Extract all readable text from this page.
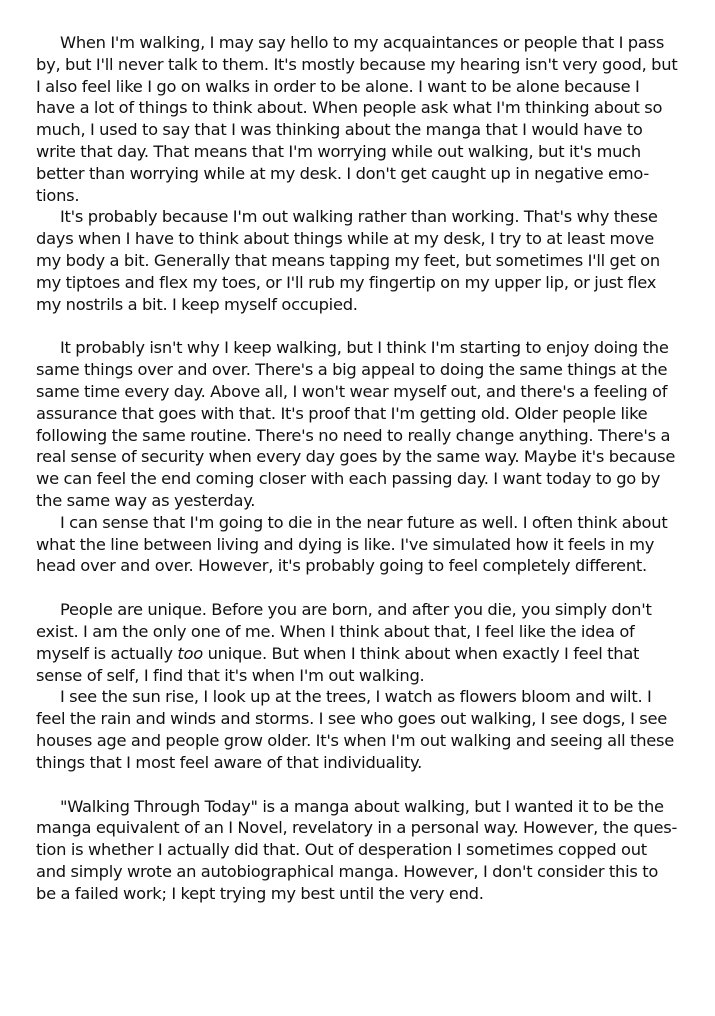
When I'm walking, I may say hello to my acquaintances or people that I pass by, but I'll never talk to them. It's mostly because my hearing isn't very good, but I also feel like I go on walks in order to be alone. I want to be alone because I have a lot of things to think about. When people ask what I'm thinking about so much, I used to say that I was thinking about the manga that I would have to write that day. That means that I'm worrying while out walking, but it's much better than worrying while at my desk. I don't get caught up in negative emo- tions.

It's probably because I'm out walking rather than working. That's why these days when I have to think about things while at my desk, I try to at least move my body a bit. Generally that means tapping my feet, but sometimes I'll get on my tiptoes and flex my toes, or I'll rub my fingertip on my upper lip, or just flex my nostrils a bit. I keep myself occupied.

It probably isn't why I keep walking, but I think I'm starting to enjoy doing the same things over and over. There's a big appeal to doing the same things at the same time every day. Above all, I won't wear myself out, and there's a feeling of assurance that goes with that. It's proof that I'm getting old. Older people like following the same routine. There's no need to really change anything. There's a real sense of security when every day goes by the same way. Maybe it's because we can feel the end coming closer with each passing day. I want today to go by the same way as yesterday.

I can sense that I'm going to die in the near future as well. I often think about what the line between living and dying is like. I've simulated how it feels in my head over and over. However, it's probably going to feel completely different.

People are unique. Before you are born, and after you die, you simply don't exist. I am the only one of me. When I think about that, I feel like the idea of myself is actually too unique. But when I think about when exactly I feel that sense of self, I find that it's when I'm out walking.

I see the sun rise, I look up at the trees, I watch as flowers bloom and wilt. I feel the rain and winds and storms. I see who goes out walking, I see dogs, I see houses age and people grow older. It's when I'm out walking and seeing all these things that I most feel aware of that individuality.

"Walking Through Today" is a manga about walking, but I wanted it to be the manga equivalent of an I Novel, revelatory in a personal way. However, the ques- tion is whether I actually did that. Out of desperation I sometimes copped out and simply wrote an autobiographical manga. However, I don't consider this to be a failed work; I kept trying my best until the very end.
